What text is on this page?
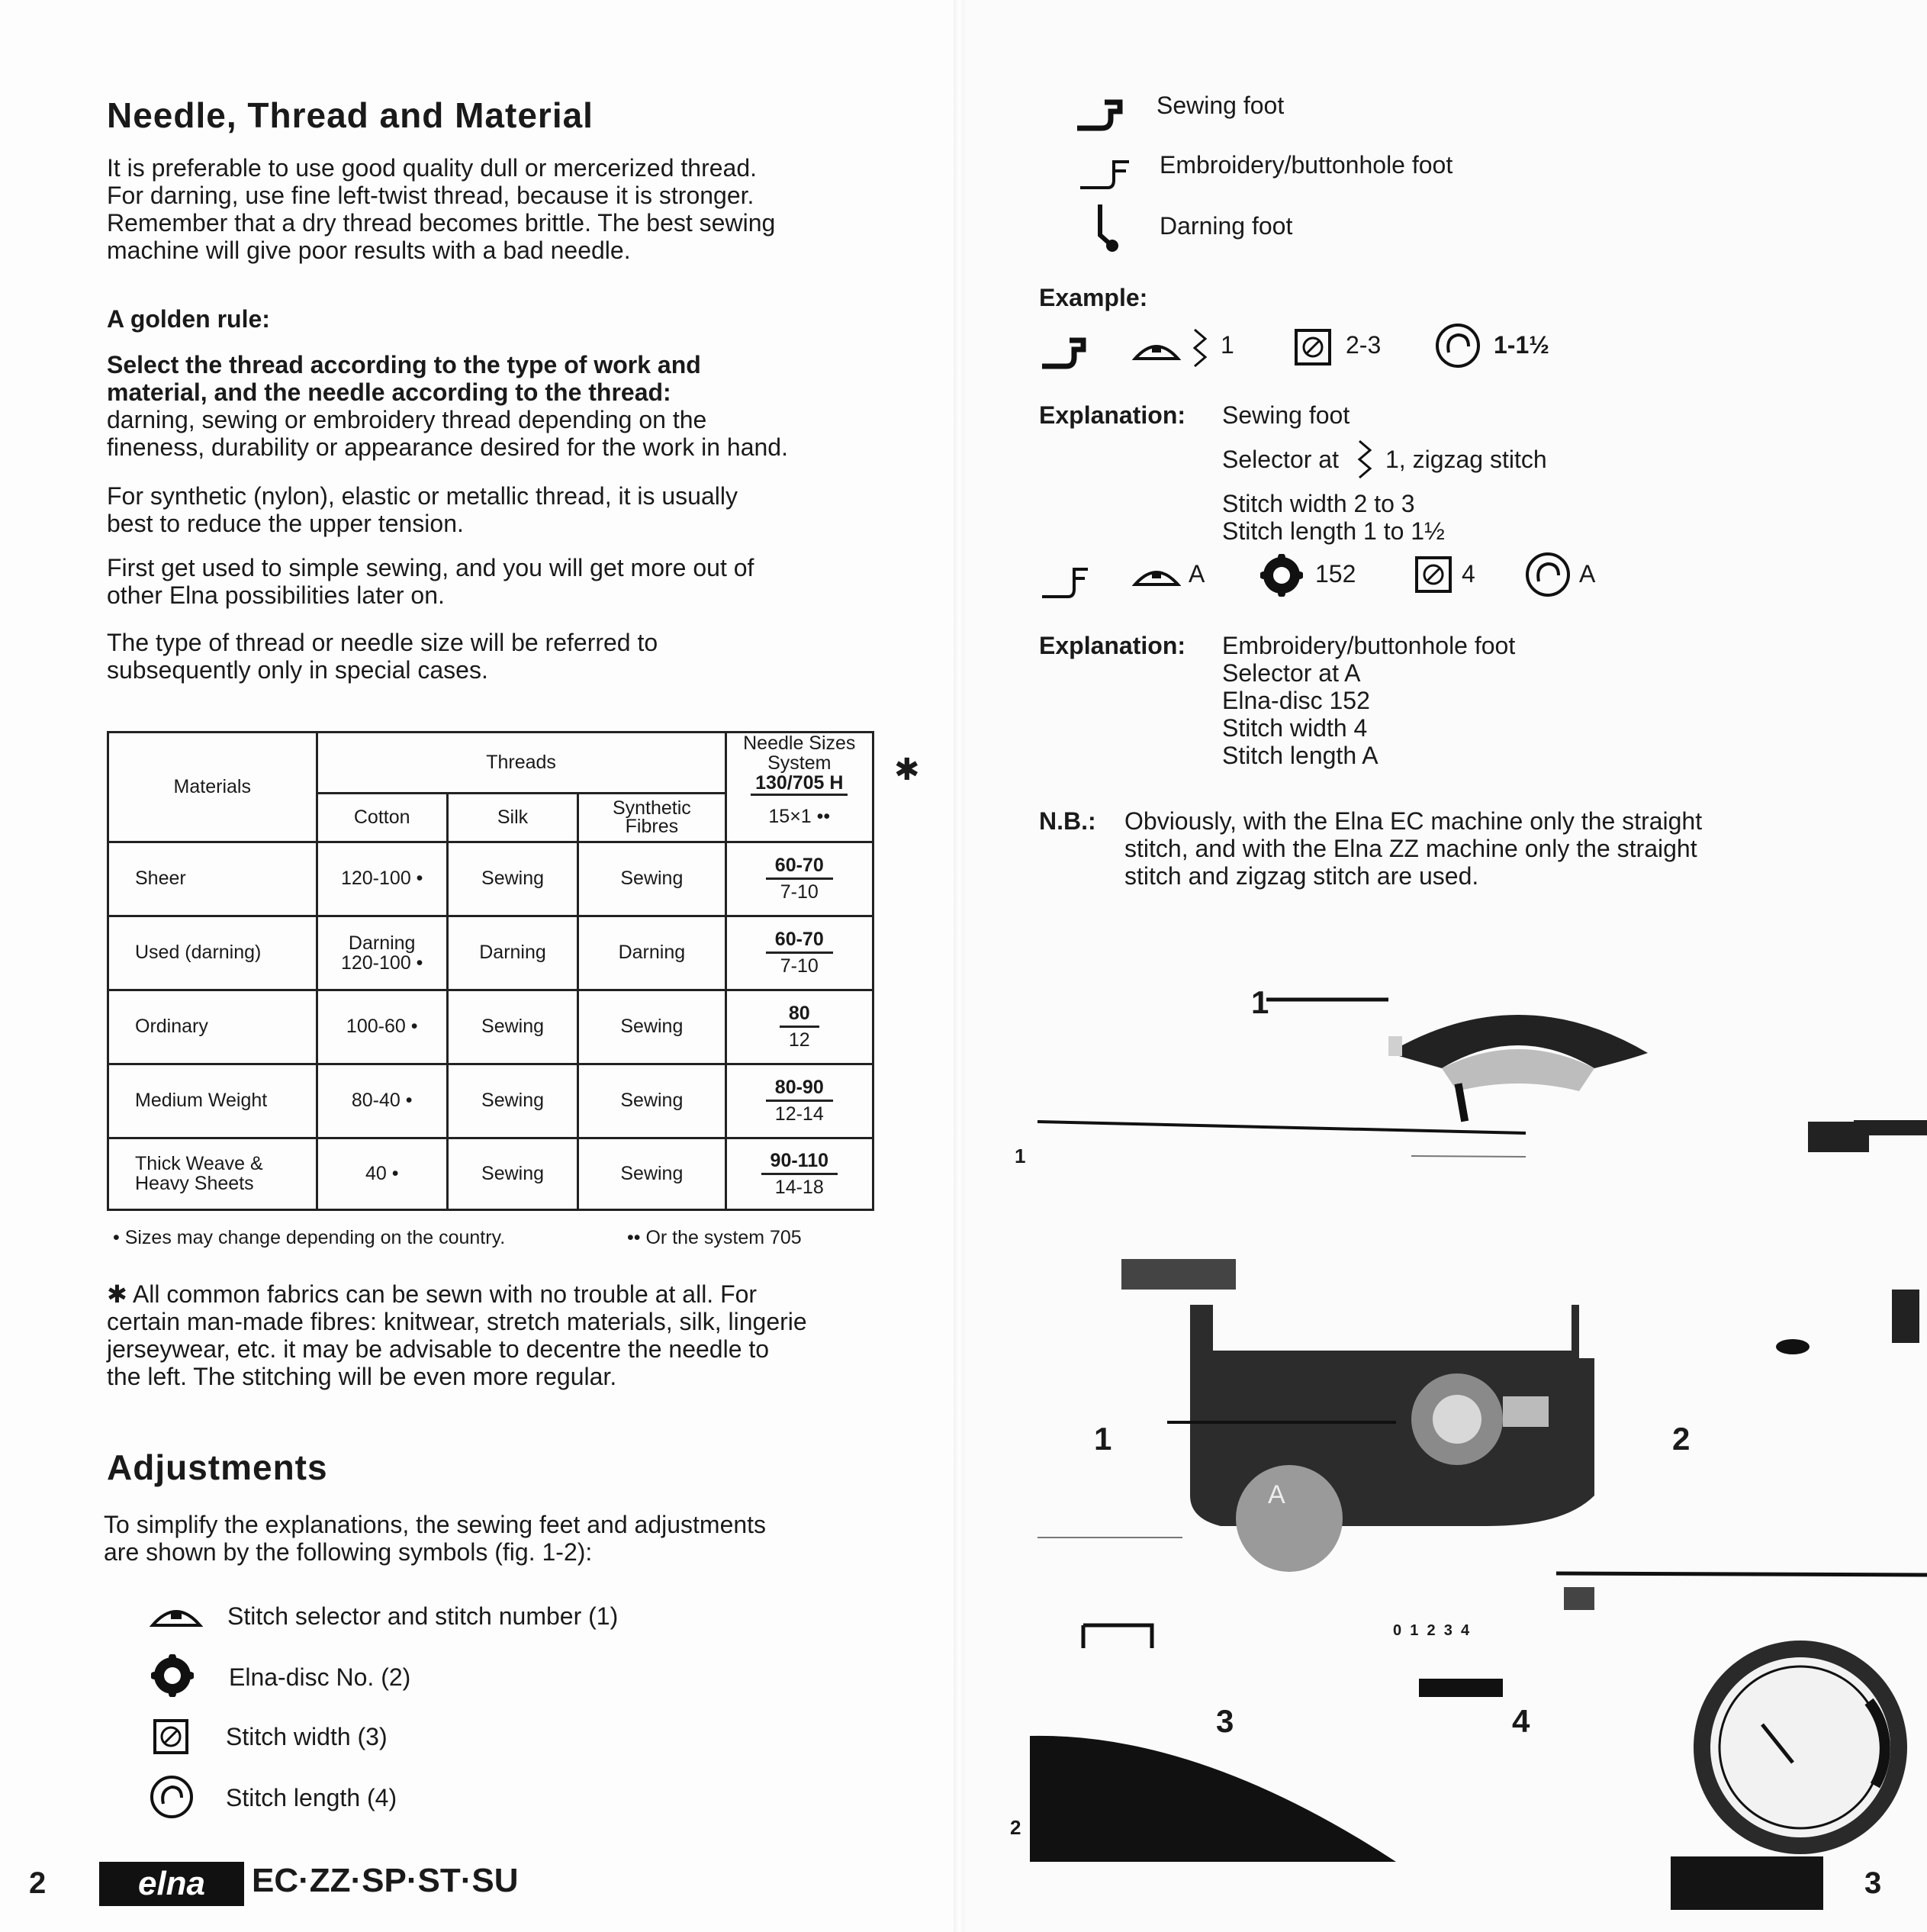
Needle, Thread and Material

It is preferable to use good quality dull or mercerized thread.

For darning, use fine left-twist thread, because it is stronger.

Remember that a dry thread becomes brittle. The best sewing

machine will give poor results with a bad needle.

A golden rule:

Select the thread according to the type of work and

material, and the needle according to the thread:

darning, sewing or embroidery thread depending on the

fineness, durability or appearance desired for the work in hand.

For synthetic (nylon), elastic or metallic thread, it is usually

best to reduce the upper tension.

First get used to simple sewing, and you will get more out of

other Elna possibilities later on.

The type of thread or needle size will be referred to

subsequently only in special cases.

Materials	Threads			Needle Sizes
System
130/705 H
	Cotton	Silk	Synthetic
Fibres	15×1 ••
Sheer	120-100 •	Sewing	Sewing	$\frac{60-70}{7-10}$

Used (darning)	Darning
120-100 •	Darning	Darning	$\frac{60-70}{7-10}$

Ordinary	100-60 •	Sewing	Sewing	$\frac{80}{12}$

Medium Weight	80-40 •	Sewing	Sewing	$\frac{80-90}{12-14}$

Thick Weave &
Heavy Sheets	40 •	Sewing	Sewing	$\frac{90-110}{14-18}$
✱
• Sizes may change depending on the country.	•• Or the system 705

✱ All common fabrics can be sewn with no trouble at all. For

certain man-made fibres: knitwear, stretch materials, silk, lingerie

jerseywear, etc. it may be advisable to decentre the needle to

the left. The stitching will be even more regular.

Adjustments

To simplify the explanations, the sewing feet and adjustments

are shown by the following symbols (fig. 1-2):

Stitch selector and stitch number (1)

Elna-disc No. (2)

Stitch width (3)

Stitch length (4)

2	elna	EC·ZZ·SP·ST·SU

Sewing foot

Embroidery/buttonhole foot

Darning foot

Example:

1	2-3	1-1½

Explanation: Sewing foot

Selector at 1, zigzag stitch

Stitch width 2 to 3

Stitch length 1 to 1½

A	152	4	A

Explanation: Embroidery/buttonhole foot

Selector at A

Elna-disc 152

Stitch width 4

Stitch length A

N.B.: Obviously, with the Elna EC machine only the straight

stitch, and with the Elna ZZ machine only the straight

stitch and zigzag stitch are used.

1
1
1	2
3	4
0  1  2  3  4
A
2
3
